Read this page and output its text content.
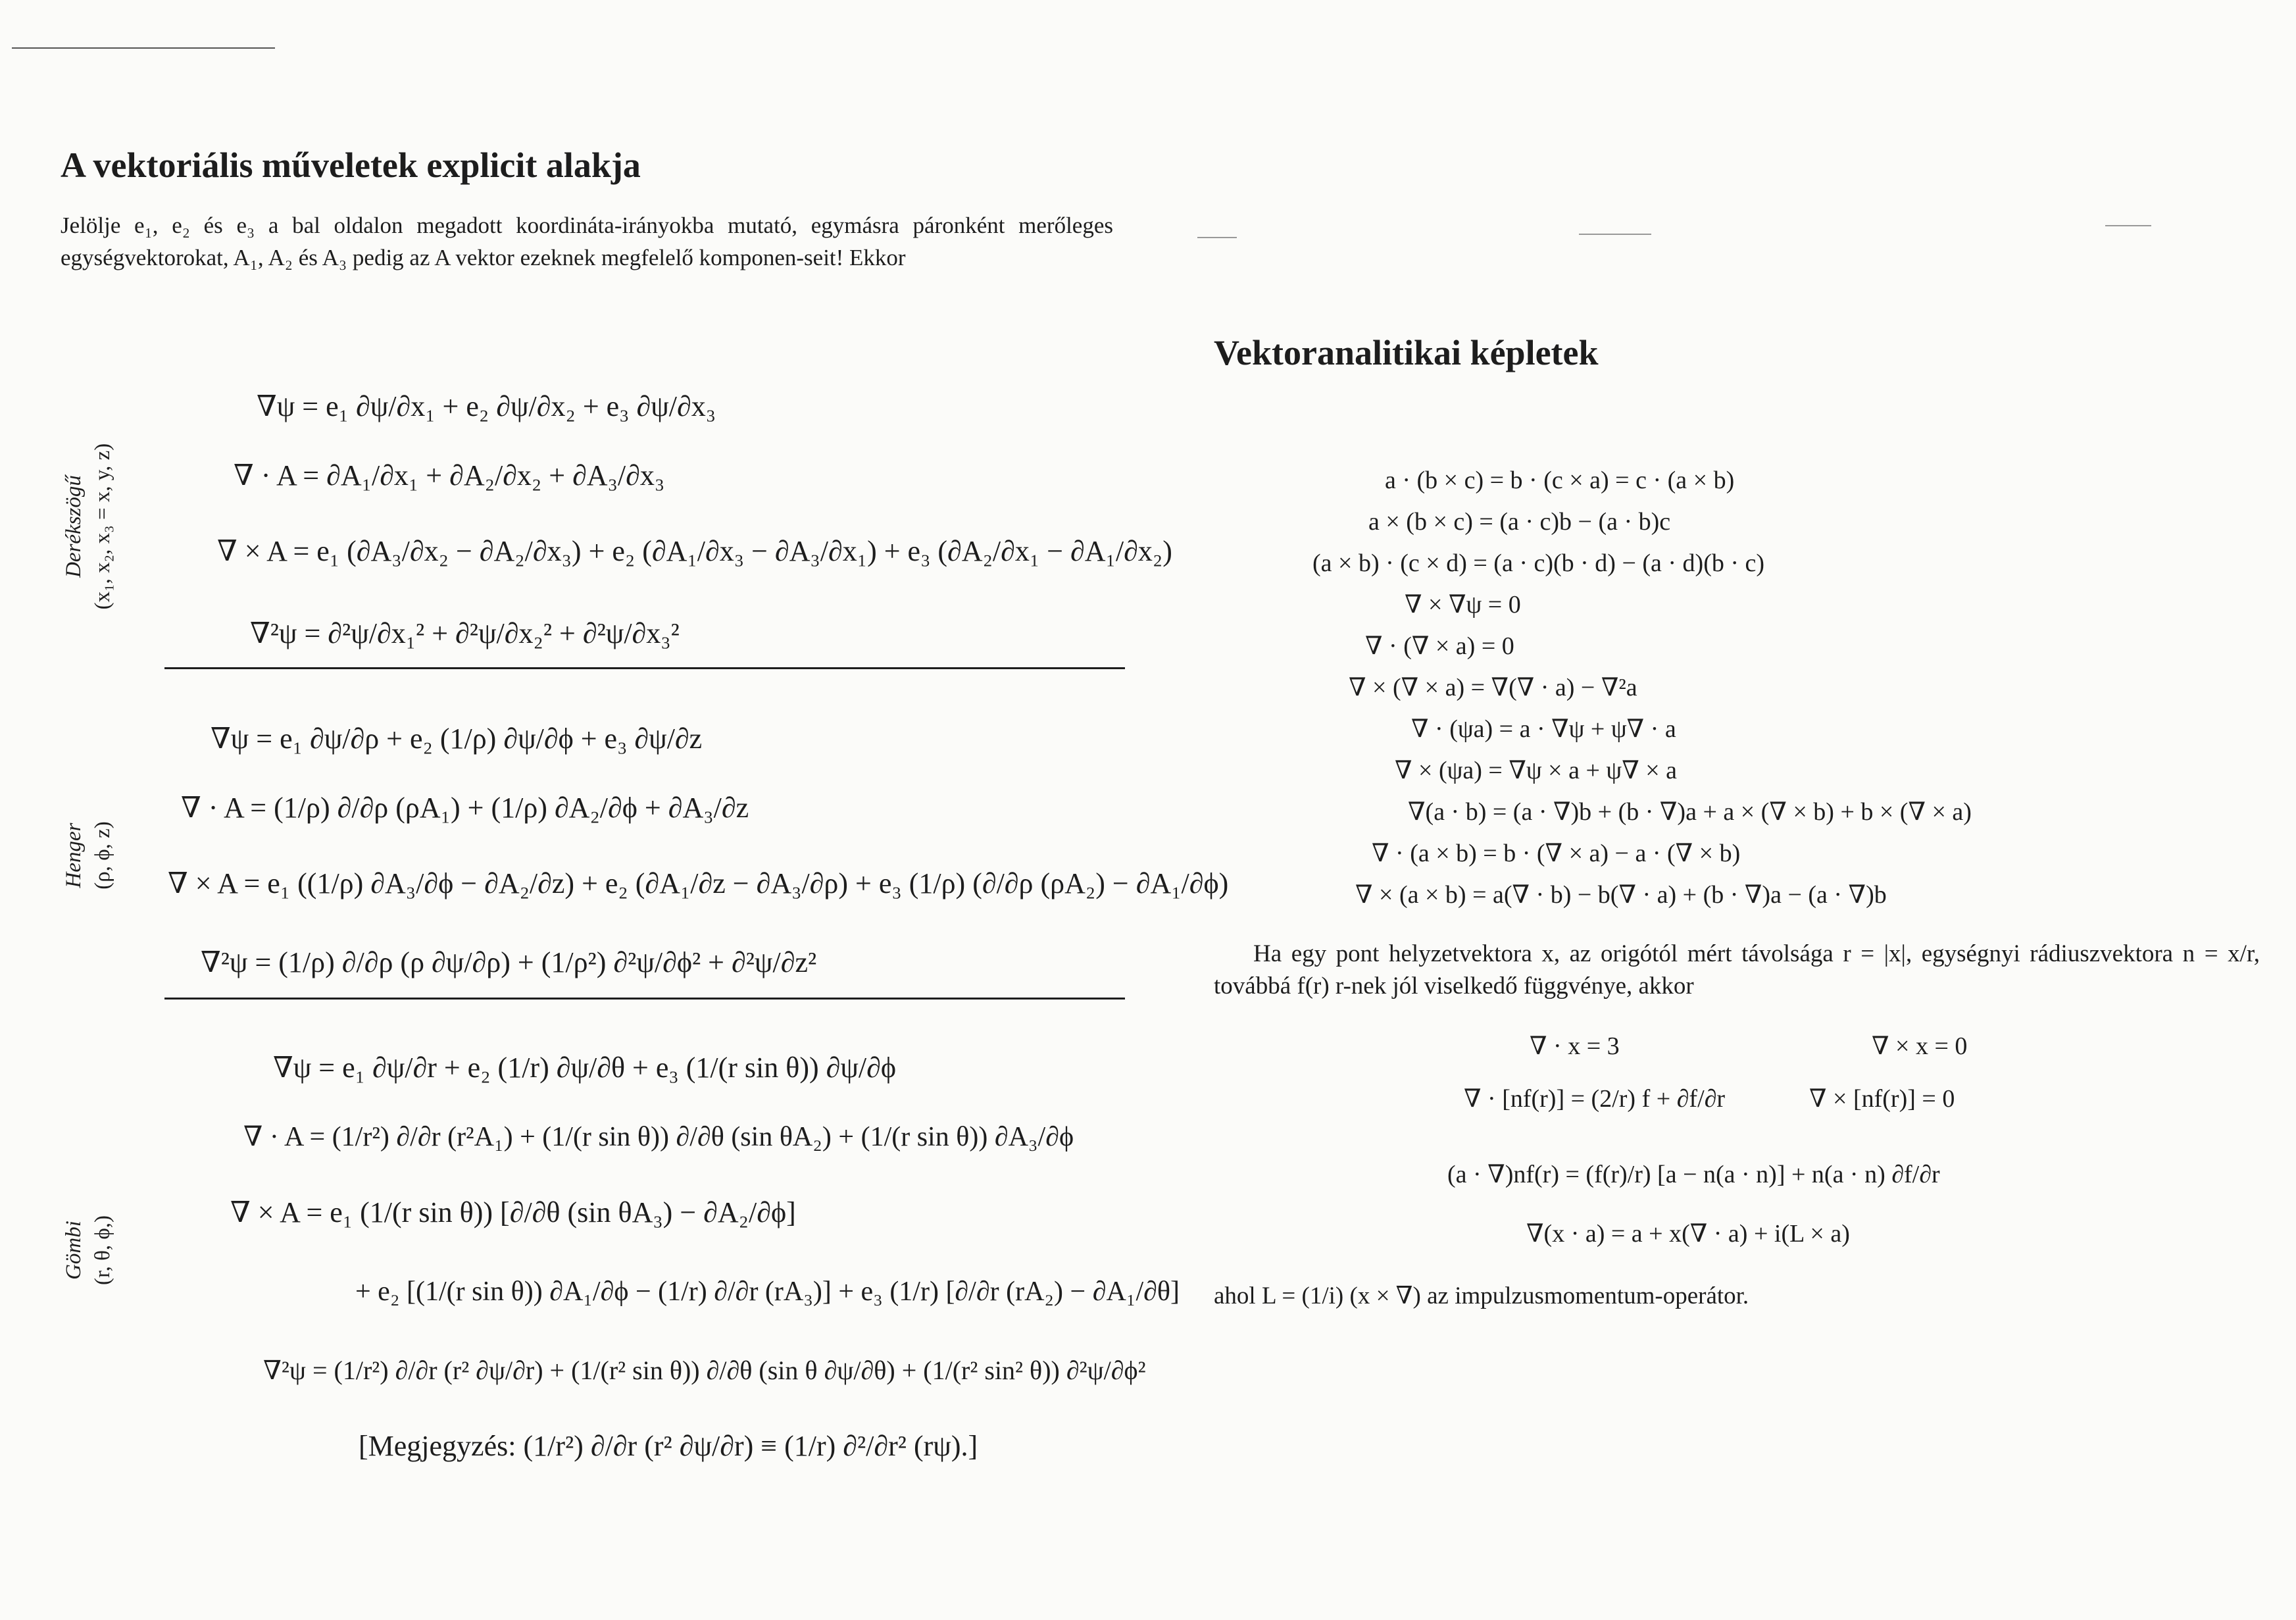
A vektoriális műveletek explicit alakja
Jelölje e₁, e₂ és e₃ a bal oldalon megadott koordináta-irányokba mutató, egymásra páronként merőleges egységvektorokat, A₁, A₂ és A₃ pedig az A vektor ezeknek megfelelő komponen-seit! Ekkor
Derékszögű (x₁, x₂, x₃ = x, y, z)
∇ψ = e₁ ∂ψ/∂x₁ + e₂ ∂ψ/∂x₂ + e₃ ∂ψ/∂x₃
∇ · A = ∂A₁/∂x₁ + ∂A₂/∂x₂ + ∂A₃/∂x₃
∇ × A = e₁ (∂A₃/∂x₂ − ∂A₂/∂x₃) + e₂ (∂A₁/∂x₃ − ∂A₃/∂x₁) + e₃ (∂A₂/∂x₁ − ∂A₁/∂x₂)
∇²ψ = ∂²ψ/∂x₁² + ∂²ψ/∂x₂² + ∂²ψ/∂x₃²
Henger (ρ, ϕ, z)
∇ψ = e₁ ∂ψ/∂ρ + e₂ (1/ρ) ∂ψ/∂ϕ + e₃ ∂ψ/∂z
∇ · A = (1/ρ) ∂/∂ρ (ρA₁) + (1/ρ) ∂A₂/∂ϕ + ∂A₃/∂z
∇ × A = e₁ ((1/ρ) ∂A₃/∂ϕ − ∂A₂/∂z) + e₂ (∂A₁/∂z − ∂A₃/∂ρ) + e₃ (1/ρ) (∂/∂ρ (ρA₂) − ∂A₁/∂ϕ)
∇²ψ = (1/ρ) ∂/∂ρ (ρ ∂ψ/∂ρ) + (1/ρ²) ∂²ψ/∂ϕ² + ∂²ψ/∂z²
Gömbi (r, θ, ϕ,)
∇ψ = e₁ ∂ψ/∂r + e₂ (1/r) ∂ψ/∂θ + e₃ (1/(r sin θ)) ∂ψ/∂ϕ
∇ · A = (1/r²) ∂/∂r (r²A₁) + (1/(r sin θ)) ∂/∂θ (sin θA₂) + (1/(r sin θ)) ∂A₃/∂ϕ
∇ × A = e₁ (1/(r sin θ)) [∂/∂θ (sin θA₃) − ∂A₂/∂ϕ]
+ e₂ [(1/(r sin θ)) ∂A₁/∂ϕ − (1/r) ∂/∂r (rA₃)] + e₃ (1/r) [∂/∂r (rA₂) − ∂A₁/∂θ]
∇²ψ = (1/r²) ∂/∂r (r² ∂ψ/∂r) + (1/(r² sin θ)) ∂/∂θ (sin θ ∂ψ/∂θ) + (1/(r² sin² θ)) ∂²ψ/∂ϕ²
[Megjegyzés: (1/r²) ∂/∂r (r² ∂ψ/∂r) ≡ (1/r) ∂²/∂r² (rψ).]
Vektoranalitikai képletek
a · (b × c) = b · (c × a) = c · (a × b)
a × (b × c) = (a · c)b − (a · b)c
(a × b) · (c × d) = (a · c)(b · d) − (a · d)(b · c)
∇ × ∇ψ = 0
∇ · (∇ × a) = 0
∇ × (∇ × a) = ∇(∇ · a) − ∇²a
∇ · (ψa) = a · ∇ψ + ψ∇ · a
∇ × (ψa) = ∇ψ × a + ψ∇ × a
∇(a · b) = (a · ∇)b + (b · ∇)a + a × (∇ × b) + b × (∇ × a)
∇ · (a × b) = b · (∇ × a) − a · (∇ × b)
∇ × (a × b) = a(∇ · b) − b(∇ · a) + (b · ∇)a − (a · ∇)b
Ha egy pont helyzetvektora x, az origótól mért távolsága r = |x|, egységnyi rádiuszvektora n = x/r, továbbá f(r) r-nek jól viselkedő függvénye, akkor
∇ · x = 3	∇ × x = 0
∇ · [nf(r)] = (2/r) f + ∂f/∂r	∇ × [nf(r)] = 0
(a · ∇)nf(r) = (f(r)/r) [a − n(a · n)] + n(a · n) ∂f/∂r
∇(x · a) = a + x(∇ · a) + i(L × a)
ahol L = (1/i) (x × ∇) az impulzusmomentum-operátor.
